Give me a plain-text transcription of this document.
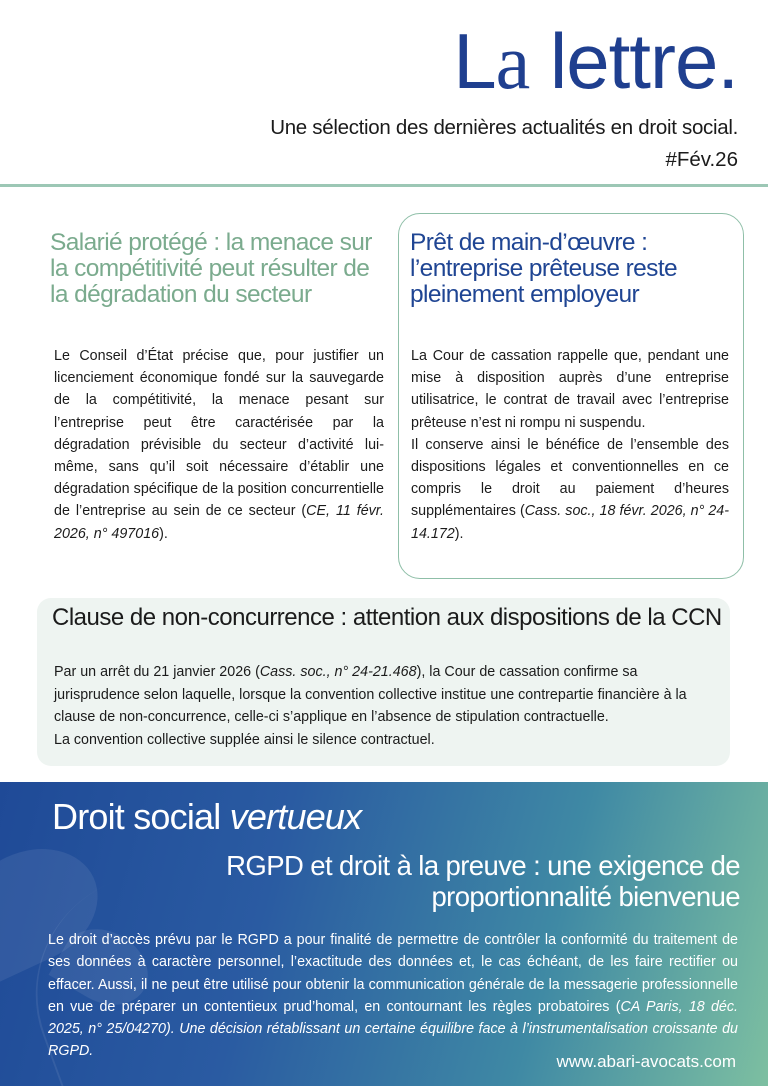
La lettre.
Une sélection des dernières actualités en droit social.
#Fév.26
Salarié protégé : la menace sur la compétitivité peut résulter de la dégradation du secteur
Le Conseil d’État précise que, pour justifier un licenciement économique fondé sur la sauvegarde de la compétitivité, la menace pesant sur l’entreprise peut être caractérisée par la dégradation prévisible du secteur d’activité lui-même, sans qu’il soit nécessaire d’établir une dégradation spécifique de la position concurrentielle de l’entreprise au sein de ce secteur (CE, 11 févr. 2026, n° 497016).
Prêt de main-d’œuvre : l’entreprise prêteuse reste pleinement employeur

La Cour de cassation rappelle que, pendant une mise à disposition auprès d’une entreprise utilisatrice, le contrat de travail avec l’entreprise prêteuse n’est ni rompu ni suspendu.

Il conserve ainsi le bénéfice de l’ensemble des dispositions légales et conventionnelles en ce compris le droit au paiement d’heures supplémentaires (Cass. soc., 18 févr. 2026, n° 24-14.172).

Clause de non-concurrence : attention aux dispositions de la CCN

Par un arrêt du 21 janvier 2026 (Cass. soc., n° 24-21.468), la Cour de cassation confirme sa jurisprudence selon laquelle, lorsque la convention collective institue une contrepartie financière à la clause de non-concurrence, celle-ci s’applique en l’absence de stipulation contractuelle.

La convention collective supplée ainsi le silence contractuel.

Droit social vertueux
RGPD et droit à la preuve : une exigence de proportionnalité bienvenue
Le droit d’accès prévu par le RGPD a pour finalité de permettre de contrôler la conformité du traitement de ses données à caractère personnel, l’exactitude des données et, le cas échéant, de les faire rectifier ou effacer. Aussi, il ne peut être utilisé pour obtenir la communication générale de la messagerie professionnelle en vue de préparer un contentieux prud’homal, en contournant les règles probatoires (CA Paris, 18 déc. 2025, n° 25/04270). Une décision rétablissant un certaine équilibre face à l’instrumentalisation croissante du RGPD.
www.abari-avocats.com
